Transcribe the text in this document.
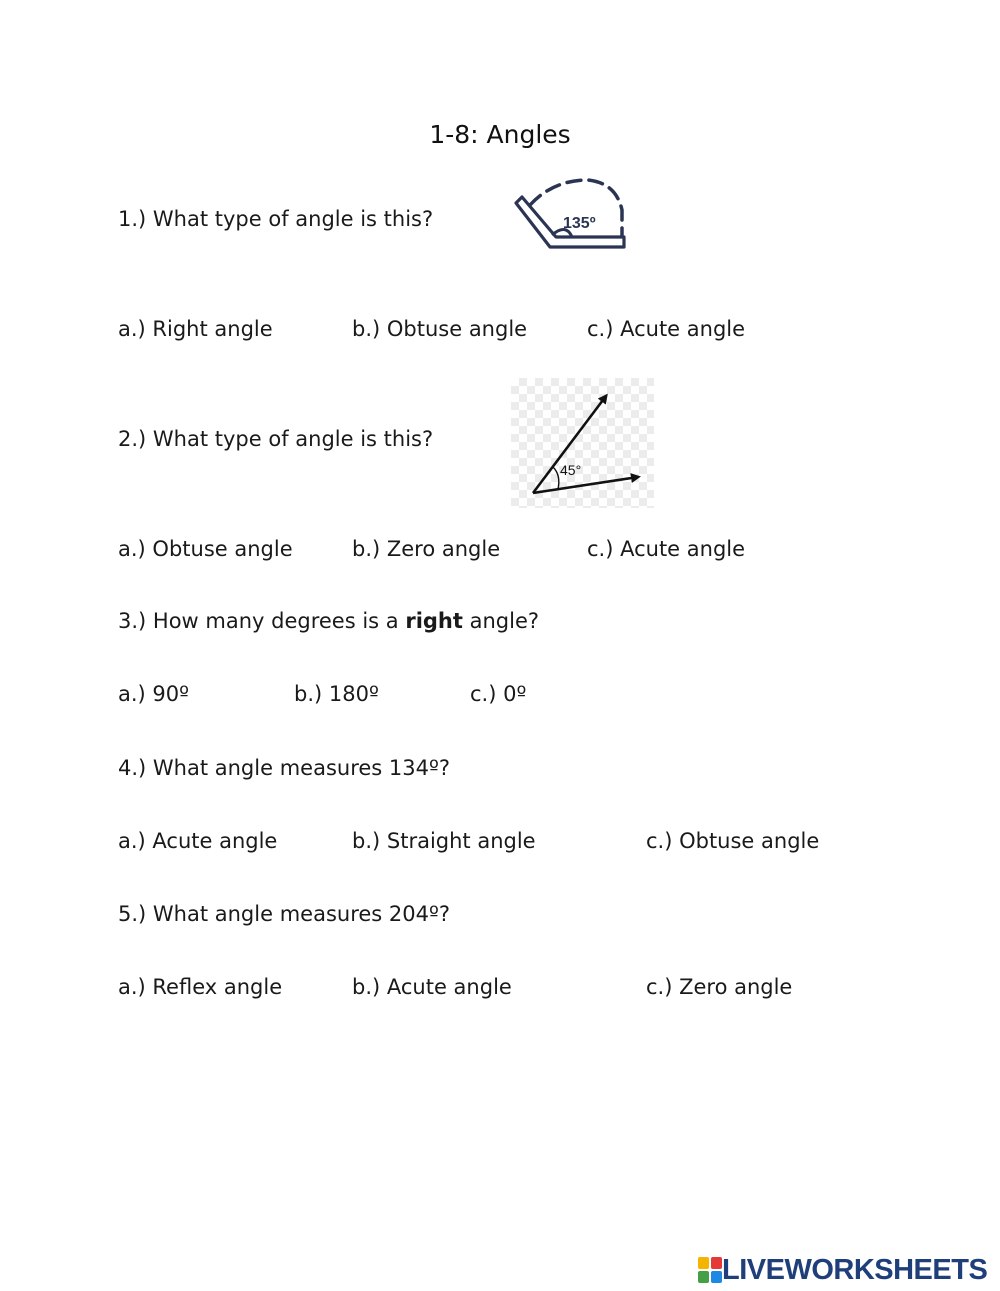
1-8: Angles
1.) What type of angle is this?	135º
a.) Right angle	b.) Obtuse angle	c.) Acute angle
2.) What type of angle is this?
45°
a.) Obtuse angle	b.) Zero angle	c.) Acute angle
3.) How many degrees is a right angle?
a.) 90º	b.) 180º	c.) 0º
4.) What angle measures 134º?
a.) Acute angle	b.) Straight angle	c.) Obtuse angle
5.) What angle measures 204º?
a.) Reflex angle	b.) Acute angle	c.) Zero angle
LIVEWORKSHEETS
